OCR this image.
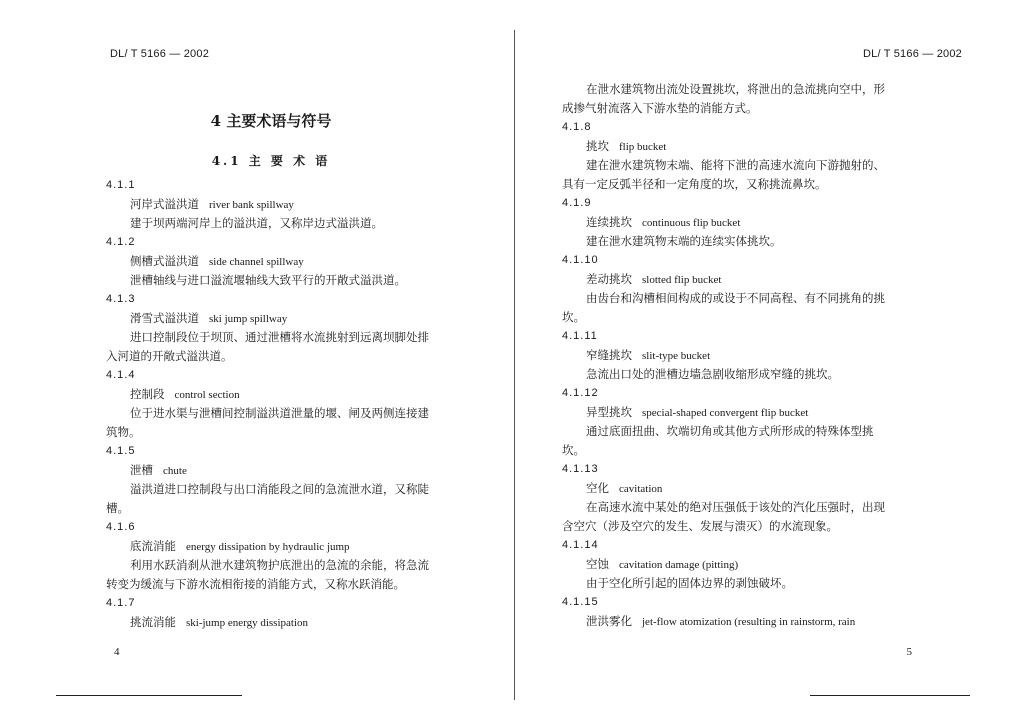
DL/ T 5166 — 2002
4 主要术语与符号
4.1 主 要 术 语
4.1.1
河岸式溢洪道 river bank spillway
建于坝两端河岸上的溢洪道，又称岸边式溢洪道。
4.1.2
侧槽式溢洪道 side channel spillway
泄槽轴线与进口溢流堰轴线大致平行的开敞式溢洪道。
4.1.3
滑雪式溢洪道 ski jump spillway
进口控制段位于坝顶、通过泄槽将水流挑射到远离坝脚处排
入河道的开敞式溢洪道。
4.1.4
控制段 control section
位于进水渠与泄槽间控制溢洪道泄量的堰、闸及两侧连接建
筑物。
4.1.5
泄槽 chute
溢洪道进口控制段与出口消能段之间的急流泄水道，又称陡
槽。
4.1.6
底流消能 energy dissipation by hydraulic jump
利用水跃消刹从泄水建筑物护底泄出的急流的余能，将急流
转变为缓流与下游水流相衔接的消能方式，又称水跃消能。
4.1.7
挑流消能 ski-jump energy dissipation
4
DL/ T 5166 — 2002
在泄水建筑物出流处设置挑坎，将泄出的急流挑向空中，形
成掺气射流落入下游水垫的消能方式。
4.1.8
挑坎 flip bucket
建在泄水建筑物末端、能将下泄的高速水流向下游抛射的、
具有一定反弧半径和一定角度的坎，又称挑流鼻坎。
4.1.9
连续挑坎 continuous flip bucket
建在泄水建筑物末端的连续实体挑坎。
4.1.10
差动挑坎 slotted flip bucket
由齿台和沟槽相间构成的或设于不同高程、有不同挑角的挑
坎。
4.1.11
窄缝挑坎 slit-type bucket
急流出口处的泄槽边墙急剧收缩形成窄缝的挑坎。
4.1.12
异型挑坎 special-shaped convergent flip bucket
通过底面扭曲、坎端切角或其他方式所形成的特殊体型挑
坎。
4.1.13
空化 cavitation
在高速水流中某处的绝对压强低于该处的汽化压强时，出现
含空穴（涉及空穴的发生、发展与溃灭）的水流现象。
4.1.14
空蚀 cavitation damage (pitting)
由于空化所引起的固体边界的剥蚀破坏。
4.1.15
泄洪雾化 jet-flow atomization (resulting in rainstorm, rain
5
